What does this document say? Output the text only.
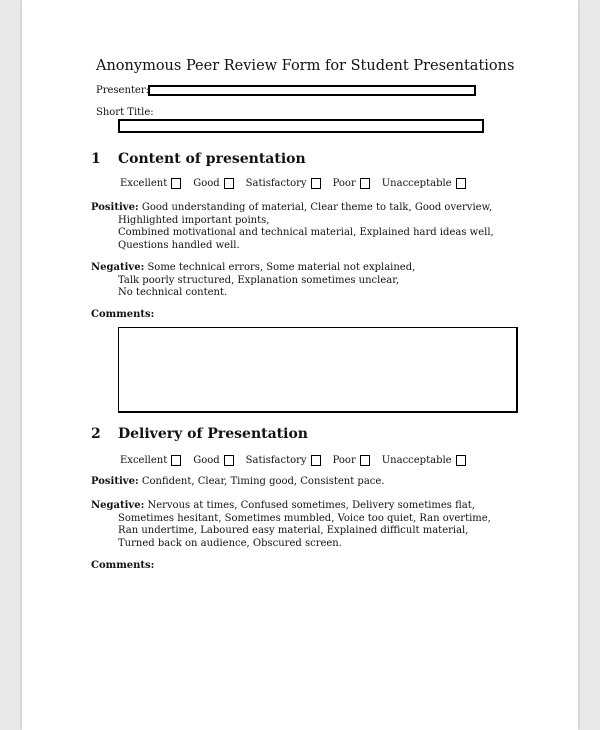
Anonymous Peer Review Form for Student Presentations
Presenter:
Short Title:
1 Content of presentation
Excellent	Good	Satisfactory	Poor	Unacceptable
Positive: Good understanding of material, Clear theme to talk, Good overview,
Highlighted important points,
Combined motivational and technical material, Explained hard ideas well,
Questions handled well.
Negative: Some technical errors, Some material not explained,
Talk poorly structured, Explanation sometimes unclear,
No technical content.
Comments:
2 Delivery of Presentation
Excellent	Good	Satisfactory	Poor	Unacceptable
Positive: Confident, Clear, Timing good, Consistent pace.
Negative: Nervous at times, Confused sometimes, Delivery sometimes flat,
Sometimes hesitant, Sometimes mumbled, Voice too quiet, Ran overtime,
Ran undertime, Laboured easy material, Explained difficult material,
Turned back on audience, Obscured screen.
Comments:
